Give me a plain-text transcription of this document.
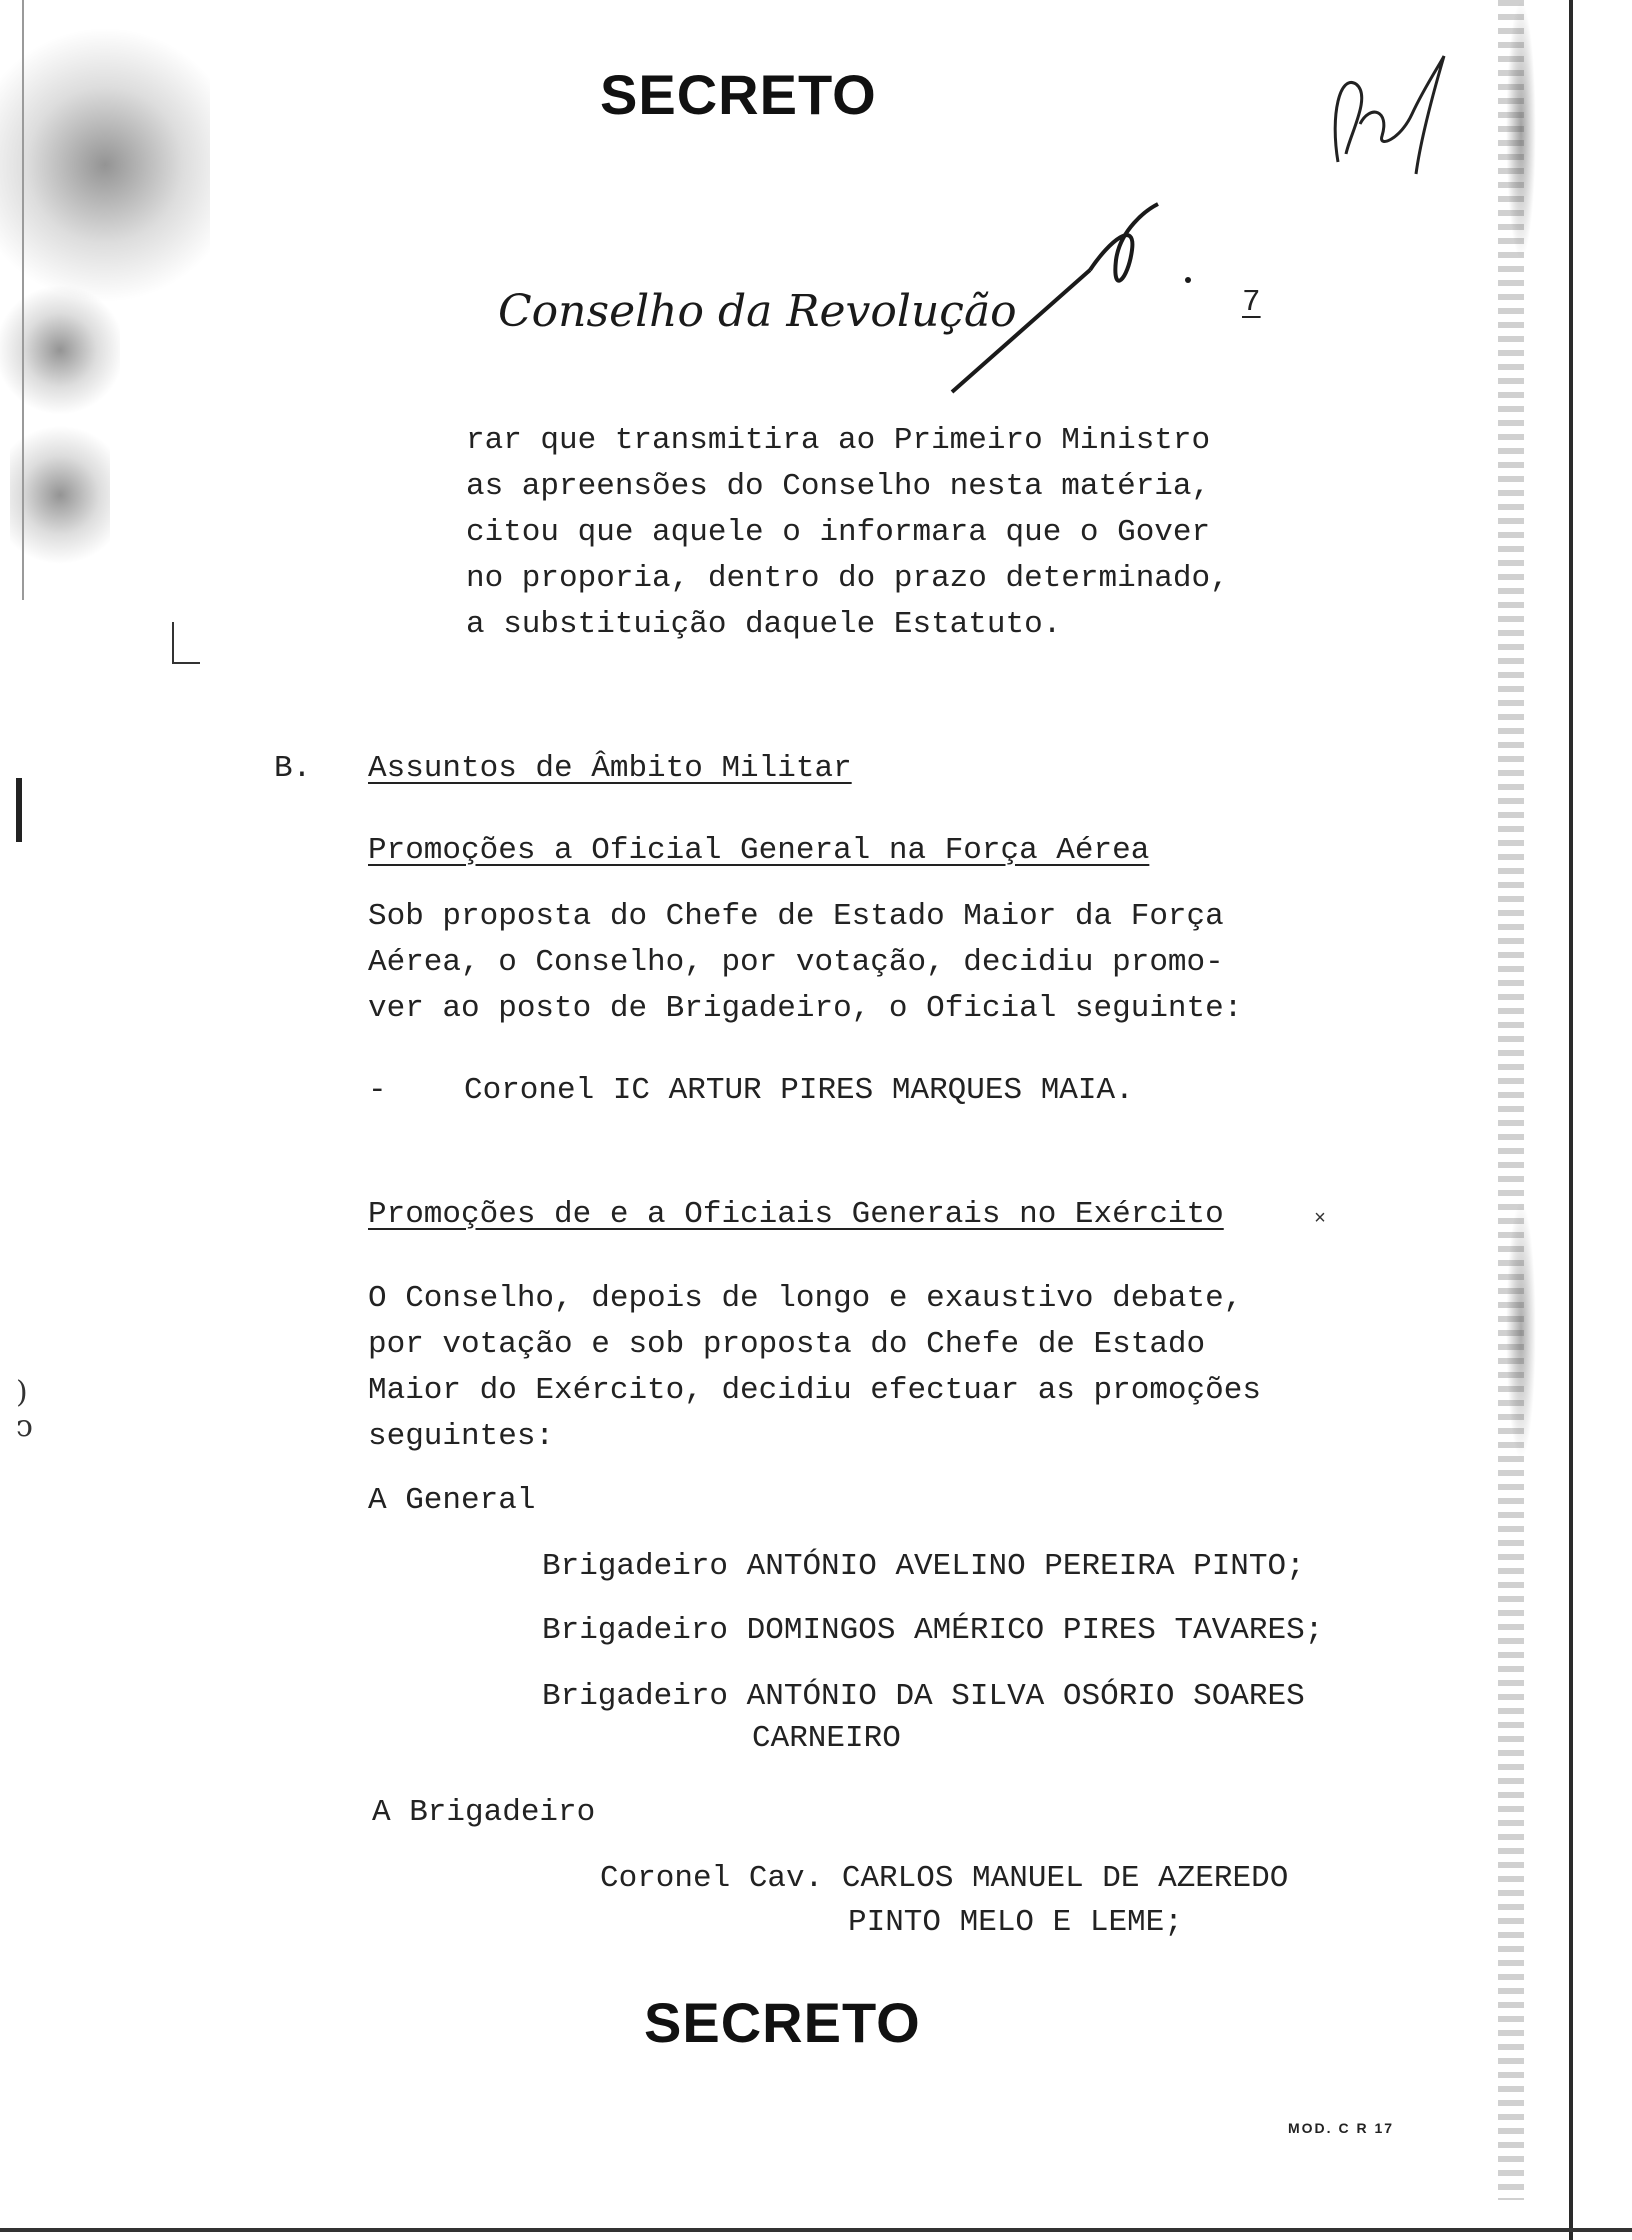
SECRETO
Conselho da Revolução	7
rar que transmitira ao Primeiro Ministro
as apreensões do Conselho nesta matéria,
citou que aquele o informara que o Gover
no proporia, dentro do prazo determinado,
a substituição daquele Estatuto.
B. Assuntos de Âmbito Militar
Promoções a Oficial General na Força Aérea
Sob proposta do Chefe de Estado Maior da Força
Aérea, o Conselho, por votação, decidiu promo-
ver ao posto de Brigadeiro, o Oficial seguinte:
- Coronel IC ARTUR PIRES MARQUES MAIA.
Promoções de e a Oficiais Generais no Exército	×
O Conselho, depois de longo e exaustivo debate,
por votação e sob proposta do Chefe de Estado
Maior do Exército, decidiu efectuar as promoções
seguintes:
A General
Brigadeiro ANTÓNIO AVELINO PEREIRA PINTO;
Brigadeiro DOMINGOS AMÉRICO PIRES TAVARES;
Brigadeiro ANTÓNIO DA SILVA OSÓRIO SOARES
CARNEIRO
A Brigadeiro
Coronel Cav. CARLOS MANUEL DE AZEREDO
PINTO MELO E LEME;
SECRETO
MOD. C R 17
)
ↄ
